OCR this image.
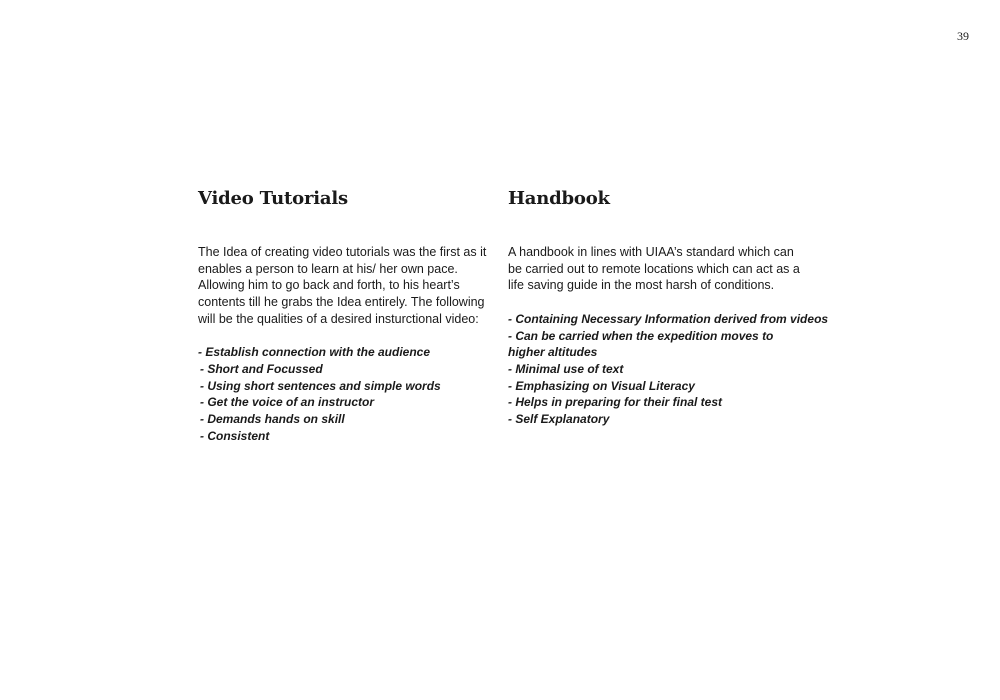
39
Video Tutorials

The Idea of creating video tutorials was the first as it enables a person to learn at his/ her own pace. Allowing him to go back and forth, to his heart’s contents till he grabs the Idea entirely. The following will be the qualities of a desired insturctional video:

- Establish connection with the audience
- Short and Focussed
- Using short sentences and simple words
- Get the voice of an instructor
- Demands hands on skill
- Consistent
Handbook

A handbook in lines with UIAA’s standard which can be carried out to remote locations which can act as a life saving guide in the most harsh of conditions.

- Containing Necessary Information derived from videos
- Can be carried when the expedition moves to higher altitudes
- Minimal use of text
- Emphasizing on Visual Literacy
- Helps in preparing for their final test
- Self Explanatory
